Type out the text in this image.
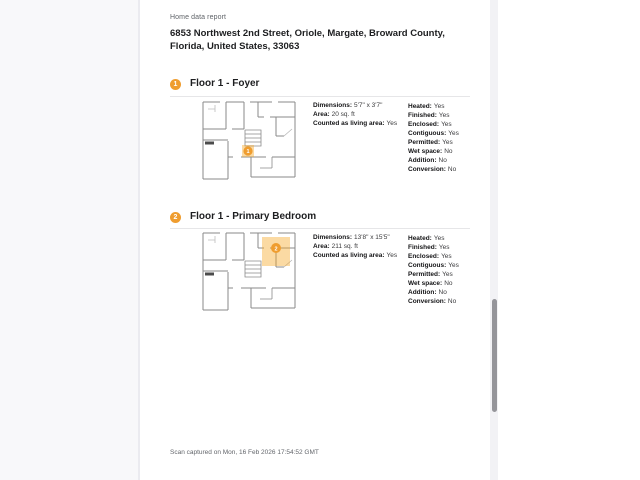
Home data report
6853 Northwest 2nd Street, Oriole, Margate, Broward County,
Florida, United States, 33063
1	Floor 1 - Foyer
1
Dimensions: 5'7" x 3'7"
Area: 20 sq. ft
Counted as living area: Yes
Heated: Yes
Finished: Yes
Enclosed: Yes
Contiguous: Yes
Permitted: Yes
Wet space: No
Addition: No
Conversion: No
2	Floor 1 - Primary Bedroom
2
Dimensions: 13'8" x 15'5"
Area: 211 sq. ft
Counted as living area: Yes
Heated: Yes
Finished: Yes
Enclosed: Yes
Contiguous: Yes
Permitted: Yes
Wet space: No
Addition: No
Conversion: No
Scan captured on Mon, 16 Feb 2026 17:54:52 GMT
